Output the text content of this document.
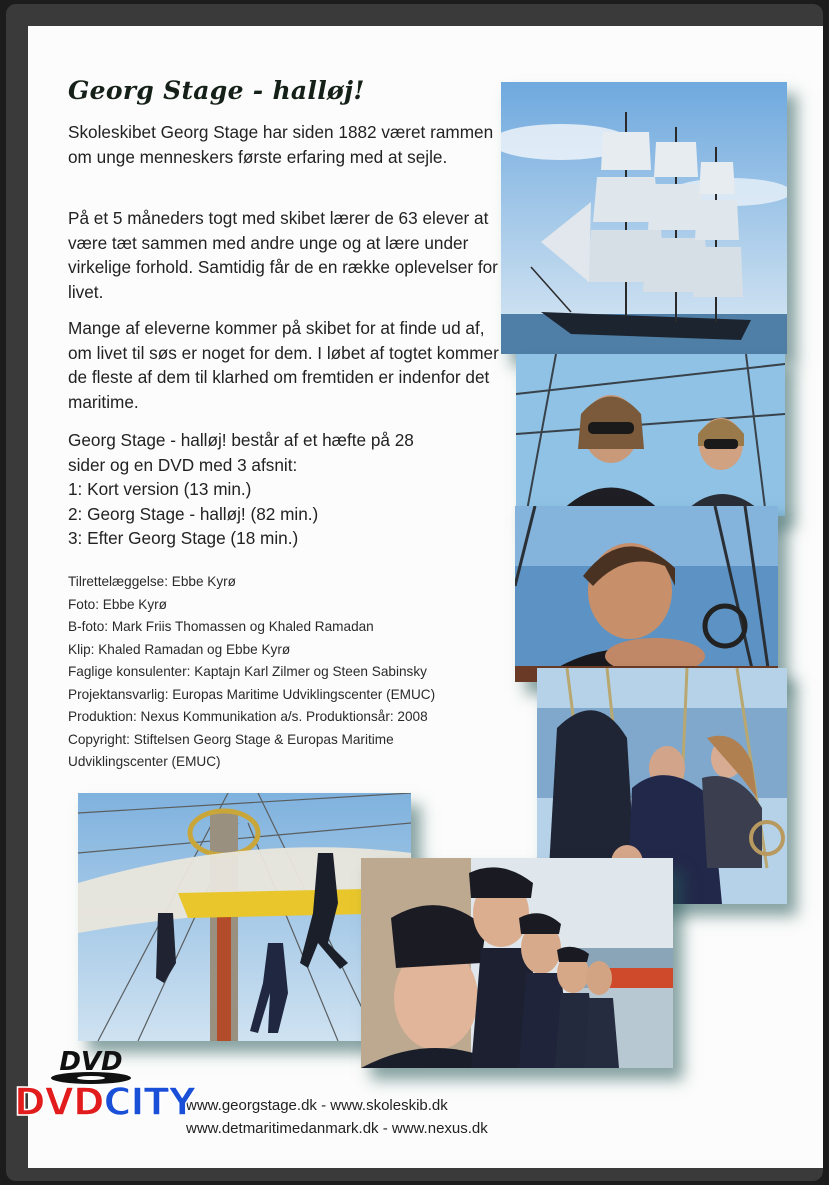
Georg Stage - halløj!

Skoleskibet Georg Stage har siden 1882 været rammen om unge menneskers første erfaring med at sejle.

På et 5 måneders togt med skibet lærer de 63 elever at være tæt sammen med andre unge og at lære under virkelige forhold. Samtidig får de en række oplevelser for livet.

Mange af eleverne kommer på skibet for at finde ud af, om livet til søs er noget for dem. I løbet af togtet kommer de fleste af dem til klarhed om fremtiden er indenfor det maritime.

Georg Stage - halløj! består af et hæfte på 28
sider og en DVD med 3 afsnit:
1: Kort version (13 min.)
2: Georg Stage - halløj! (82 min.)
3: Efter Georg Stage (18 min.)
Tilrettelæggelse: Ebbe Kyrø
Foto: Ebbe Kyrø
B-foto: Mark Friis Thomassen og Khaled Ramadan
Klip: Khaled Ramadan og Ebbe Kyrø
Faglige konsulenter: Kaptajn Karl Zilmer og Steen Sabinsky
Projektansvarlig: Europas Maritime Udviklingscenter (EMUC)
Produktion: Nexus Kommunikation a/s. Produktionsår: 2008
Copyright: Stiftelsen Georg Stage & Europas Maritime
Udviklingscenter (EMUC)
www.georgstage.dk - www.skoleskib.dk
www.detmaritimedanmark.dk - www.nexus.dk
DVD
DVDCITY
